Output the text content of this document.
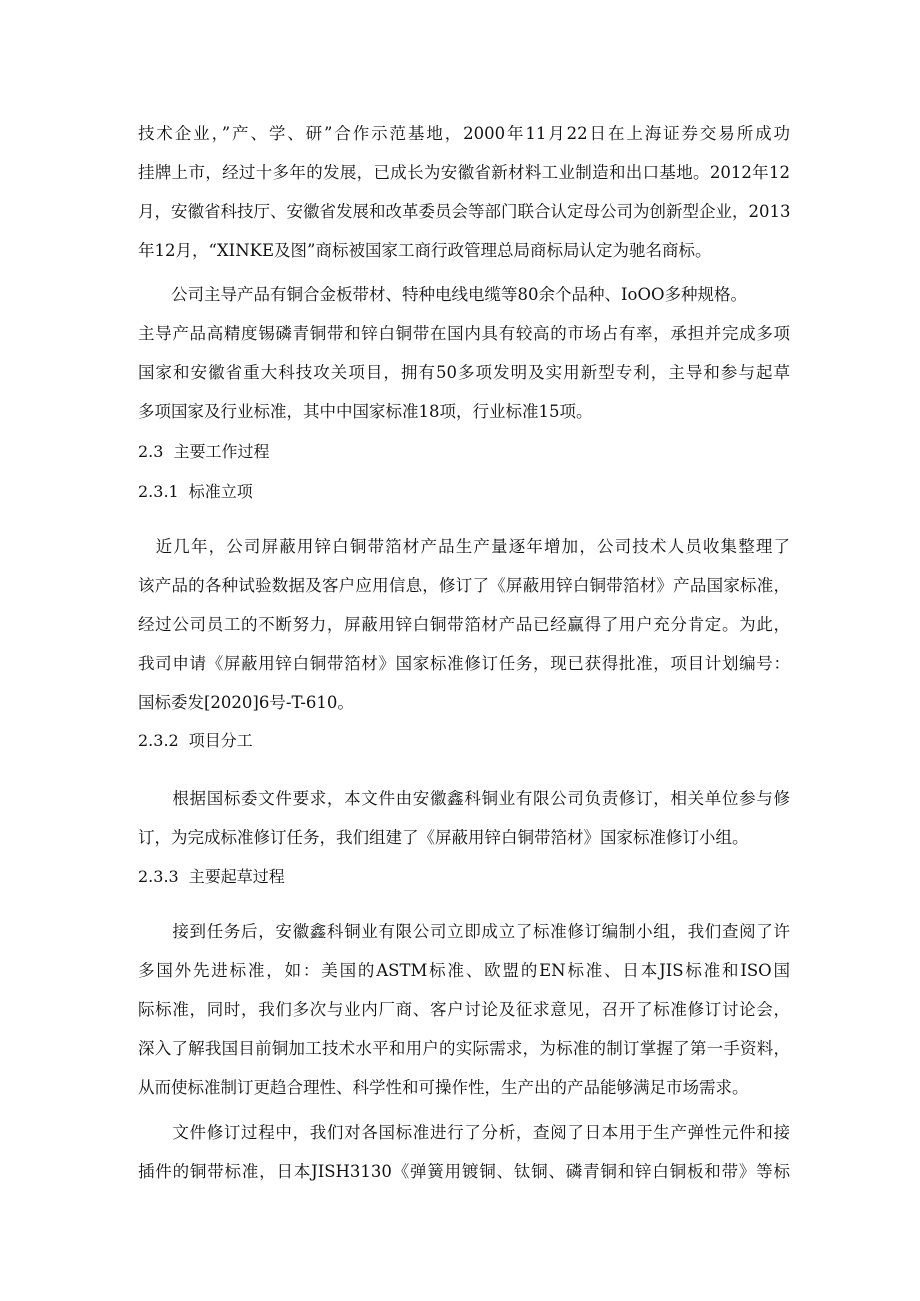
技术企业，”产、学、研”合作示范基地，2000年11月22日在上海证券交易所成功
挂牌上市，经过十多年的发展，已成长为安徽省新材料工业制造和出口基地。2012年12
月，安徽省科技厅、安徽省发展和改革委员会等部门联合认定母公司为创新型企业，2013
年12月，“XINKE及图”商标被国家工商行政管理总局商标局认定为驰名商标。
　　公司主导产品有铜合金板带材、特种电线电缆等80余个品种、IoOO多种规格。
主导产品高精度锡磷青铜带和锌白铜带在国内具有较高的市场占有率，承担并完成多项
国家和安徽省重大科技攻关项目，拥有50多项发明及实用新型专利，主导和参与起草
多项国家及行业标准，其中中国家标准18项，行业标准15项。
2.3 主要工作过程
2.3.1 标准立项
　近几年，公司屏蔽用锌白铜带箔材产品生产量逐年增加，公司技术人员收集整理了
该产品的各种试验数据及客户应用信息，修订了《屏蔽用锌白铜带箔材》产品国家标准，
经过公司员工的不断努力，屏蔽用锌白铜带箔材产品已经赢得了用户充分肯定。为此，
我司申请《屏蔽用锌白铜带箔材》国家标准修订任务，现已获得批准，项目计划编号：
国标委发[2020]6号-T-610。
2.3.2 项目分工
　　根据国标委文件要求，本文件由安徽鑫科铜业有限公司负责修订，相关单位参与修
订，为完成标准修订任务，我们组建了《屏蔽用锌白铜带箔材》国家标准修订小组。
2.3.3 主要起草过程
　　接到任务后，安徽鑫科铜业有限公司立即成立了标准修订编制小组，我们查阅了许
多国外先进标准，如：美国的ASTM标准、欧盟的EN标准、日本JIS标准和ISO国
际标准，同时，我们多次与业内厂商、客户讨论及征求意见，召开了标准修订讨论会，
深入了解我国目前铜加工技术水平和用户的实际需求，为标准的制订掌握了第一手资料，
从而使标准制订更趋合理性、科学性和可操作性，生产出的产品能够满足市场需求。
　　文件修订过程中，我们对各国标准进行了分析，查阅了日本用于生产弹性元件和接
插件的铜带标准，日本JISH3130《弹簧用镀铜、钛铜、磷青铜和锌白铜板和带》等标
